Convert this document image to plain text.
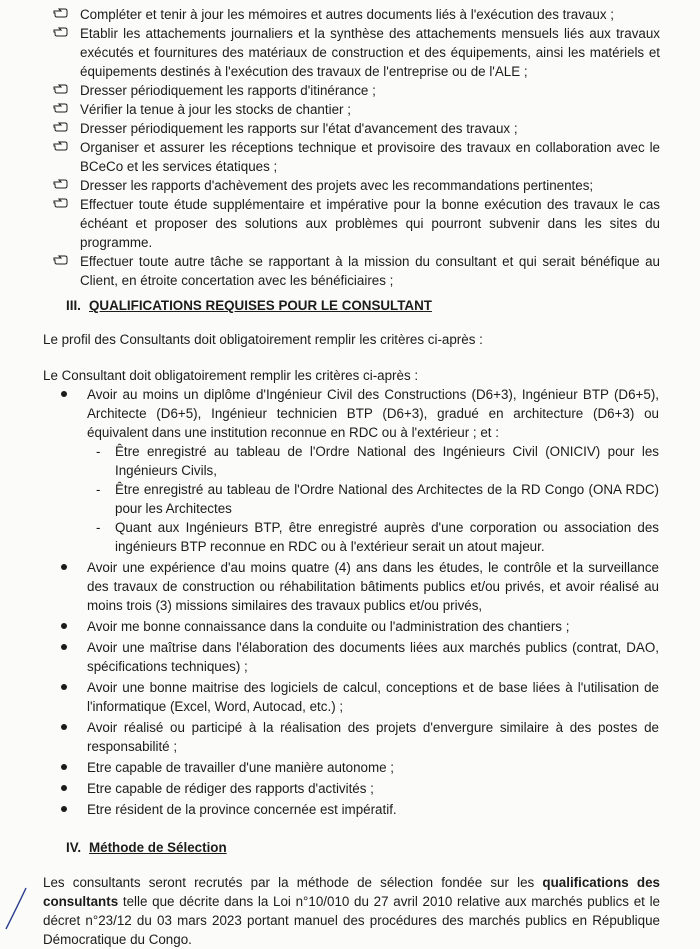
Compléter et tenir à jour les mémoires et autres documents liés à l'exécution des travaux ;
Etablir les attachements journaliers et la synthèse des attachements mensuels liés aux travaux exécutés et fournitures des matériaux de construction et des équipements, ainsi les matériels et équipements destinés à l'exécution des travaux de l'entreprise ou de l'ALE ;
Dresser périodiquement les rapports d'itinérance ;
Vérifier la tenue à jour les stocks de chantier ;
Dresser périodiquement les rapports sur l'état d'avancement des travaux ;
Organiser et assurer les réceptions technique et provisoire des travaux en collaboration avec le BCeCo et les services étatiques ;
Dresser les rapports d'achèvement des projets avec les recommandations pertinentes;
Effectuer toute étude supplémentaire et impérative pour la bonne exécution des travaux le cas échéant et proposer des solutions aux problèmes qui pourront subvenir dans les sites du programme.
Effectuer toute autre tâche se rapportant à la mission du consultant et qui serait bénéfique au Client, en étroite concertation avec les bénéficiaires ;
III. QUALIFICATIONS REQUISES POUR LE CONSULTANT
Le profil des Consultants doit obligatoirement remplir les critères ci-après :
Le Consultant doit obligatoirement remplir les critères ci-après :
Avoir au moins un diplôme d'Ingénieur Civil des Constructions (D6+3), Ingénieur BTP (D6+5), Architecte (D6+5), Ingénieur technicien BTP (D6+3), gradué en architecture (D6+3) ou équivalent dans une institution reconnue en RDC ou à l'extérieur ; et :
- Être enregistré au tableau de l'Ordre National des Ingénieurs Civil (ONICIV) pour les Ingénieurs Civils,
- Être enregistré au tableau de l'Ordre National des Architectes de la RD Congo (ONA RDC) pour les Architectes
- Quant aux Ingénieurs BTP, être enregistré auprès d'une corporation ou association des ingénieurs BTP reconnue en RDC ou à l'extérieur serait un atout majeur.
Avoir une expérience d'au moins quatre (4) ans dans les études, le contrôle et la surveillance des travaux de construction ou réhabilitation bâtiments publics et/ou privés, et avoir réalisé au moins trois (3) missions similaires des travaux publics et/ou privés,
Avoir me bonne connaissance dans la conduite ou l'administration des chantiers ;
Avoir une maîtrise dans l'élaboration des documents liées aux marchés publics (contrat, DAO, spécifications techniques) ;
Avoir une bonne maitrise des logiciels de calcul, conceptions et de base liées à l'utilisation de l'informatique (Excel, Word, Autocad, etc.) ;
Avoir réalisé ou participé à la réalisation des projets d'envergure similaire à des postes de responsabilité ;
Etre capable de travailler d'une manière autonome ;
Etre capable de rédiger des rapports d'activités ;
Etre résident de la province concernée est impératif.
IV. Méthode de Sélection
Les consultants seront recrutés par la méthode de sélection fondée sur les qualifications des consultants telle que décrite dans la Loi n°10/010 du 27 avril 2010 relative aux marchés publics et le décret n°23/12 du 03 mars 2023 portant manuel des procédures des marchés publics en République Démocratique du Congo.
